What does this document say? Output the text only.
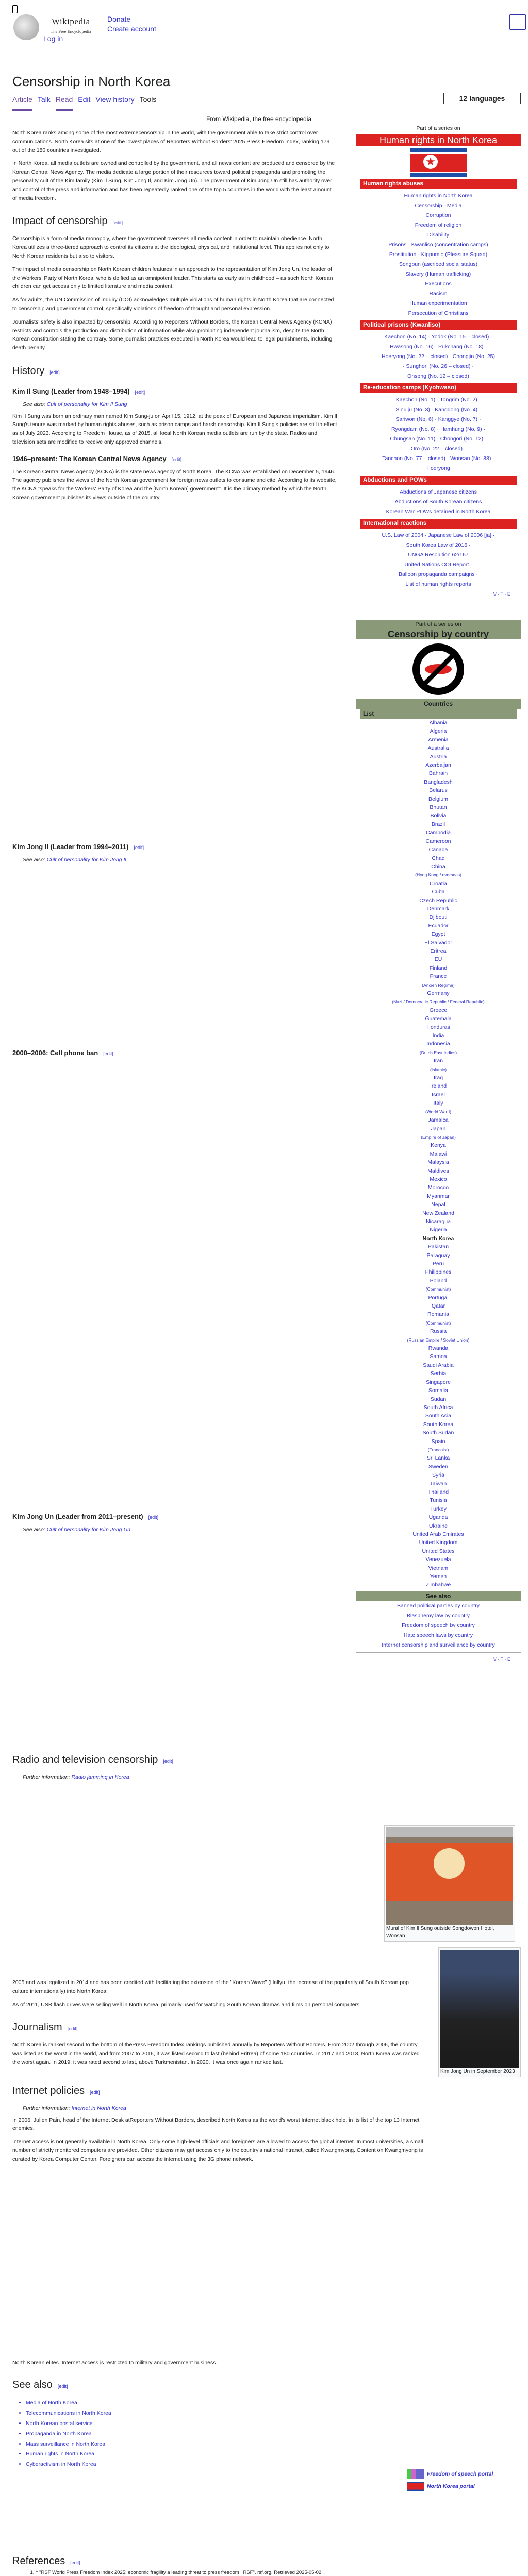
Wikipedia
The Free Encyclopedia
Donate
Create account
Log in
Censorship in North Korea
Article Talk Read Edit View history Tools	12 languages
From Wikipedia, the free encyclopedia

North Korea ranks among some of the most extremecensorship in the world, with the government able to take strict control over communications. North Korea sits at one of the lowest places of Reporters Without Borders' 2025 Press Freedom Index, ranking 179 out of the 180 countries investigated.

In North Korea, all media outlets are owned and controlled by the government, and all news content are produced and censored by the Korean Central News Agency. The media dedicate a large portion of their resources toward political propaganda and promoting the personality cult of the Kim family (Kim Il Sung, Kim Jong Il, and Kim Jong Un). The government of Kim Jong Un still has authority over and control of the press and information and has been repeatedly ranked one of the top 5 countries in the world with the least amount of media freedom.

Impact of censorship [edit]

Censorship is a form of media monopoly, where the government oversees all media content in order to maintain obedience. North Korea utilizes a three-tiered approach to control its citizens at the ideological, physical, and institutional level. This applies not only to North Korean residents but also to visitors.

The impact of media censorship on North Korean children features in an approach to the representation of Kim Jong Un, the leader of the Workers' Party of North Korea, who is deified as an omnipotent leader. This starts as early as in childhood – as such North Korean children can get access only to limited literature and media content.

As for adults, the UN Commission of Inquiry (COI) acknowledges multiple violations of human rights in North Korea that are connected to censorship and government control, specifically violations of freedom of thought and personal expression.

Journalists' safety is also impacted by censorship. According to Reporters Without Borders, the Korean Central News Agency (KCNA) restricts and controls the production and distribution of information while also prohibiting independent journalism, despite the North Korean constitution stating the contrary. Some journalist practices executed in North Korea would lead to legal punishments, including death penalty.

History [edit]
Kim Il Sung (Leader from 1948–1994) [edit]
See also: Cult of personality for Kim Il Sung

Kim Il Sung was born an ordinary man named Kim Sung-ju on April 15, 1912, at the peak of European and Japanese imperialism. Kim Il Sung's tenure was marked by human rights abuses, such as prison camps and harsh censorship. Kim Il Sung's policies are still in effect as of July 2023. According to Freedom House, as of 2015, all local North Korean media outlets are run by the state. Radios and television sets are modified to receive only approved channels.

1946–present: The Korean Central News Agency [edit]

The Korean Central News Agency (KCNA) is the state news agency of North Korea. The KCNA was established on December 5, 1946. The agency publishes the views of the North Korean government for foreign news outlets to consume and cite. According to its website, the KCNA "speaks for the Workers' Party of Korea and the [North Korean] government". It is the primary method by which the North Korean government publishes its views outside of the country.

Kim Jong Il (Leader from 1994–2011) [edit]
See also: Cult of personality for Kim Jong Il
2000–2006: Cell phone ban [edit]
Kim Jong Un (Leader from 2011–present) [edit]
See also: Cult of personality for Kim Jong Un
Radio and television censorship [edit]
Further information: Radio jamming in Korea

2005 and was legalized in 2014 and has been credited with facilitating the extension of the "Korean Wave" (Hallyu, the increase of the popularity of South Korean pop culture internationally) into North Korea.

As of 2011, USB flash drives were selling well in North Korea, primarily used for watching South Korean dramas and films on personal computers.

Journalism [edit]

North Korea is ranked second to the bottom of thePress Freedom Index rankings published annually by Reporters Without Borders. From 2002 through 2006, the country was listed as the worst in the world, and from 2007 to 2016, it was listed second to last (behind Eritrea) of some 180 countries. In 2017 and 2018, North Korea was ranked the worst again. In 2019, it was rated second to last, above Turkmenistan. In 2020, it was once again ranked last.

Internet policies [edit]
Further information: Internet in North Korea

In 2006, Julien Pain, head of the Internet Desk atReporters Without Borders, described North Korea as the world's worst Internet black hole, in its list of the top 13 Internet enemies.

Internet access is not generally available in North Korea. Only some high-level officials and foreigners are allowed to access the global internet. In most universities, a small number of strictly monitored computers are provided. Other citizens may get access only to the country's national intranet, called Kwangmyong. Content on Kwangmyong is curated by Korea Computer Center. Foreigners can access the internet using the 3G phone network.

North Korean elites. Internet access is restricted to military and government business.

See also [edit]
• Media of North Korea
• Telecommunications in North Korea
• North Korean postal service
• Propaganda in North Korea
• Mass surveillance in North Korea
• Human rights in North Korea
• Cyberactivism in North Korea
Freedom of speech portal
North Korea portal
References [edit]
1. ^ "RSF World Press Freedom Index 2025: economic fragility a leading threat to press freedom | RSF". rsf.org. Retrieved 2025-05-02.
Part of a series on
Human rights in North Korea
★
Human rights abuses
Human rights in North Korea
Censorship · Media
Corruption
Freedom of religion
Disability
Prisons · Kwanliso (concentration camps)
Prostitution · Kippumjo (Pleasure Squad)
Songbun (ascribed social status)
Slavery (Human trafficking)
Executions
Racism
Human experimentation
Persecution of Christians
Political prisons (Kwanliso)
Kaechon (No. 14) · Yodok (No. 15 – closed) ·
Hwasong (No. 16) · Pukchang (No. 18) ·
Hoeryong (No. 22 – closed) · Chongjin (No. 25)
· Sunghori (No. 26 – closed) ·
Onsong (No. 12 – closed)
Re-education camps (Kyohwaso)
Kaechon (No. 1) · Tongrim (No. 2) ·
Sinuiju (No. 3) · Kangdong (No. 4) ·
Sariwon (No. 6) · Kanggye (No. 7) ·
Ryongdam (No. 8) · Hamhung (No. 9) ·
Chungsan (No. 11) · Chongori (No. 12) ·
Oro (No. 22 – closed) ·
Tanchon (No. 77 – closed) · Wonsan (No. 88) ·
Hoeryong
Abductions and POWs
Abductions of Japanese citizens
Abductions of South Korean citizens
Korean War POWs detained in North Korea
International reactions
U.S. Law of 2004 · Japanese Law of 2006 [ja] ·
South Korea Law of 2016 ·
UNGA Resolution 62/167
United Nations COI Report ·
Balloon propaganda campaigns ·
List of human rights reports
V · T · E
Part of a series on
Censorship by country
Countries
List
Albania
Algeria
Armenia
Australia
Austria
Azerbaijan
Bahrain
Bangladesh
Belarus
Belgium
Bhutan
Bolivia
Brazil
Cambodia
Cameroon
Canada
Chad
China
(Hong Kong / overseas)
Croatia
Cuba
Czech Republic
Denmark
Djibouti
Ecuador
Egypt
El Salvador
Eritrea
EU
Finland
France
(Ancien Régime)
Germany
(Nazi / Democratic Republic / Federal Republic)
Greece
Guatemala
Honduras
India
Indonesia
(Dutch East Indies)
Iran
(Islamic)
Iraq
Ireland
Israel
Italy
(World War I)
Jamaica
Japan
(Empire of Japan)
Kenya
Malawi
Malaysia
Maldives
Mexico
Morocco
Myanmar
Nepal
New Zealand
Nicaragua
Nigeria
North Korea
Pakistan
Paraguay
Peru
Philippines
Poland
(Communist)
Portugal
Qatar
Romania
(Communist)
Russia
(Russian Empire / Soviet Union)
Rwanda
Samoa
Saudi Arabia
Serbia
Singapore
Somalia
Sudan
South Africa
South Asia
South Korea
South Sudan
Spain
(Francoist)
Sri Lanka
Sweden
Syria
Taiwan
Thailand
Tunisia
Turkey
Uganda
Ukraine
United Arab Emirates
United Kingdom
United States
Venezuela
Vietnam
Yemen
Zimbabwe
See also
Banned political parties by country
Blasphemy law by country
Freedom of speech by country
Hate speech laws by country
Internet censorship and surveillance by country
V · T · E
Mural of Kim Il Sung outside Songdowon Hotel, Wonsan
Kim Jong Un in September 2023
